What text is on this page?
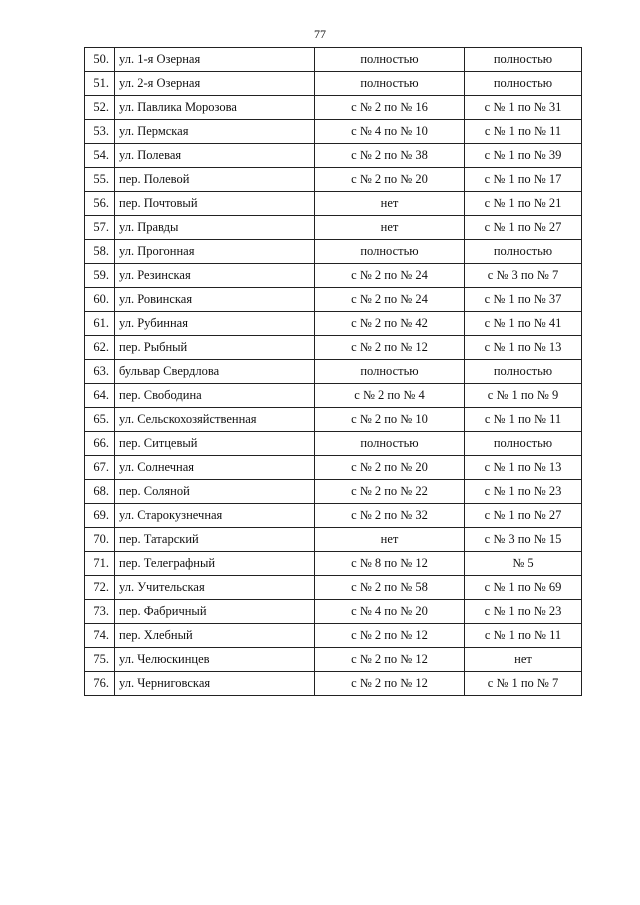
77
50.	ул. 1-я Озерная	полностью	полностью
51.	ул. 2-я Озерная	полностью	полностью
52.	ул. Павлика Морозова	с № 2 по № 16	с № 1 по № 31
53.	ул. Пермская	с № 4 по № 10	с № 1 по № 11
54.	ул. Полевая	с № 2 по № 38	с № 1 по № 39
55.	пер. Полевой	с № 2 по № 20	с № 1 по № 17
56.	пер. Почтовый	нет	с № 1 по № 21
57.	ул. Правды	нет	с № 1 по № 27
58.	ул. Прогонная	полностью	полностью
59.	ул. Резинская	с № 2 по № 24	с № 3 по № 7
60.	ул. Ровинская	с № 2 по № 24	с № 1 по № 37
61.	ул. Рубинная	с № 2 по № 42	с № 1 по № 41
62.	пер. Рыбный	с № 2 по № 12	с № 1 по № 13
63.	бульвар Свердлова	полностью	полностью
64.	пер. Свободина	с № 2 по № 4	с № 1 по № 9
65.	ул. Сельскохозяйственная	с № 2 по № 10	с № 1 по № 11
66.	пер. Ситцевый	полностью	полностью
67.	ул. Солнечная	с № 2 по № 20	с № 1 по № 13
68.	пер. Соляной	с № 2 по № 22	с № 1 по № 23
69.	ул. Старокузнечная	с № 2 по № 32	с № 1 по № 27
70.	пер. Татарский	нет	с № 3 по № 15
71.	пер. Телеграфный	с № 8 по № 12	№ 5
72.	ул. Учительская	с № 2 по № 58	с № 1 по № 69
73.	пер. Фабричный	с № 4 по № 20	с № 1 по № 23
74.	пер. Хлебный	с № 2 по № 12	с № 1 по № 11
75.	ул. Челюскинцев	с № 2 по № 12	нет
76.	ул. Черниговская	с № 2 по № 12	с № 1 по № 7
